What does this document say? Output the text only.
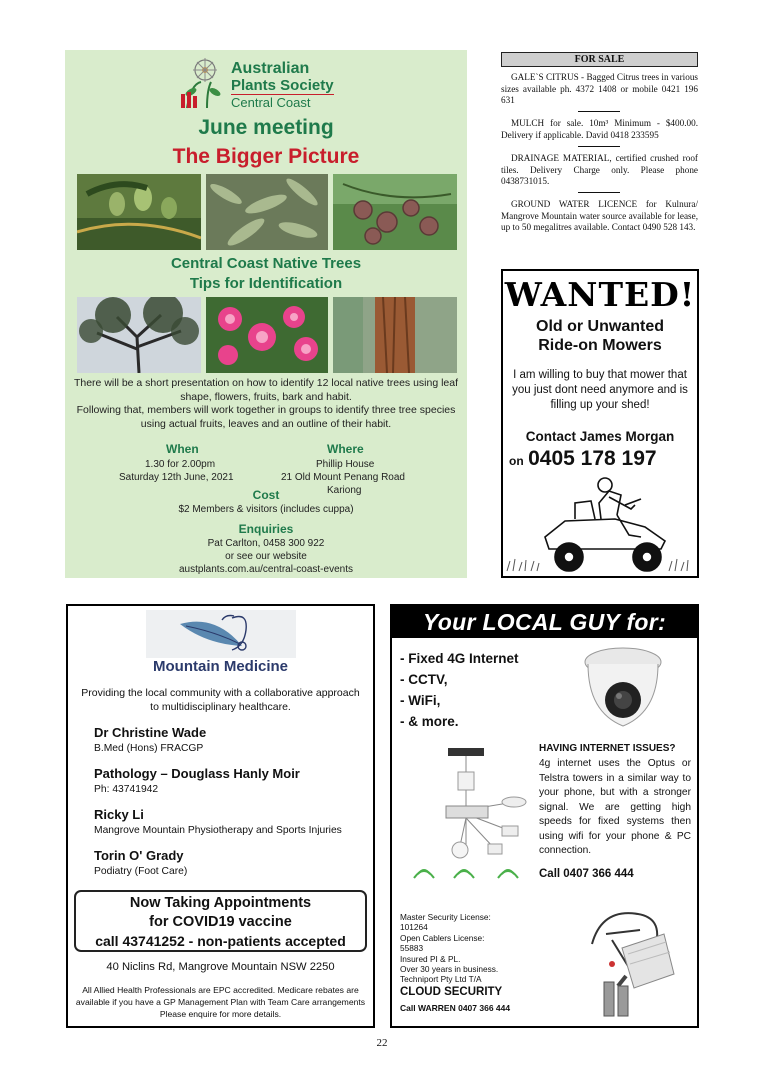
Australian
Plants Society
Central Coast
June meeting
The Bigger Picture
Central Coast Native Trees
Tips for Identification
There will be a short presentation on how to identify 12 local native trees using leaf shape, flowers, fruits, bark and habit.
Following that, members will work together in groups to identify three tree species using actual fruits, leaves and an outline of their habit.
When
1.30 for 2.00pm
Saturday 12th June, 2021
Where
Phillip House
21 Old Mount Penang Road
Kariong
Cost
$2 Members & visitors (includes cuppa)
Enquiries
Pat Carlton, 0458 300 922
or see our website
austplants.com.au/central-coast-events
FOR SALE
GALE`S CITRUS - Bagged Citrus trees in various sizes available ph. 4372 1408 or mobile 0421 196 631
MULCH for sale. 10m³ Minimum - $400.00. Delivery if applicable. David 0418 233595
DRAINAGE MATERIAL, certified crushed roof tiles. Delivery Charge only. Please phone 0438731015.
GROUND WATER LICENCE for Kulnura/ Mangrove Mountain water source available for lease, up to 50 megalitres available. Contact 0490 528 143.
WANTED!
Old or Unwanted
Ride-on Mowers
I am willing to buy that mower that you just dont need anymore and is filling up your shed!
Contact James Morgan
on 0405 178 197
Mountain Medicine
Providing the local community with a collaborative approach to multidisciplinary healthcare.
Dr Christine Wade
B.Med (Hons) FRACGP
Pathology – Douglass Hanly Moir
Ph: 43741942
Ricky Li
Mangrove Mountain Physiotherapy and Sports Injuries
Torin O' Grady
Podiatry (Foot Care)
Now Taking Appointments
for COVID19 vaccine
call 43741252 - non-patients accepted
40 Niclins Rd, Mangrove Mountain NSW 2250
All Allied Health Professionals are EPC accredited. Medicare rebates are available if you have a GP Management Plan with Team Care arrangements Please enquire for more details.
Your LOCAL GUY for:
- Fixed 4G Internet
- CCTV,
- WiFi,
- & more.
HAVING INTERNET ISSUES?
4g internet uses the Optus or Telstra towers in a similar way to your phone, but with a stronger signal. We are getting high speeds for fixed systems then using wifi for your phone & PC connection.
Call 0407 366 444
Master Security License:
101264
Open Cablers License:
55883
Insured PI & PL.
Over 30 years in business.
Techniport Pty Ltd T/A
CLOUD SECURITY
Call WARREN 0407 366 444
22
